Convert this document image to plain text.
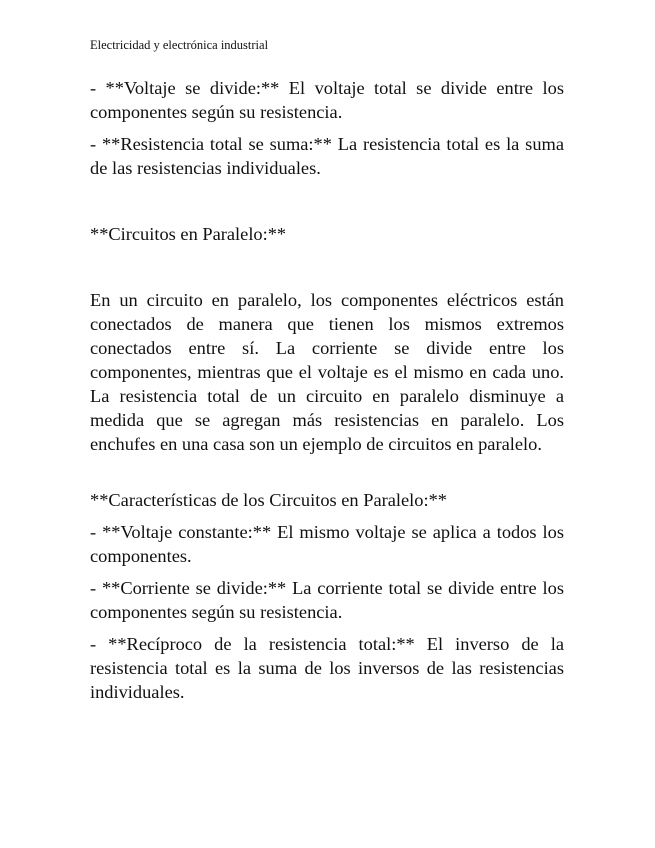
Electricidad y electrónica industrial

- **Voltaje se divide:** El voltaje total se divide entre los componentes según su resistencia.

- **Resistencia total se suma:** La resistencia total es la suma de las resistencias individuales.

**Circuitos en Paralelo:**

En un circuito en paralelo, los componentes eléctricos están conectados de manera que tienen los mismos extremos conectados entre sí. La corriente se divide entre los componentes, mientras que el voltaje es el mismo en cada uno. La resistencia total de un circuito en paralelo disminuye a medida que se agregan más resistencias en paralelo. Los enchufes en una casa son un ejemplo de circuitos en paralelo.

**Características de los Circuitos en Paralelo:**

- **Voltaje constante:** El mismo voltaje se aplica a todos los componentes.

- **Corriente se divide:** La corriente total se divide entre los componentes según su resistencia.

- **Recíproco de la resistencia total:** El inverso de la resistencia total es la suma de los inversos de las resistencias individuales.
